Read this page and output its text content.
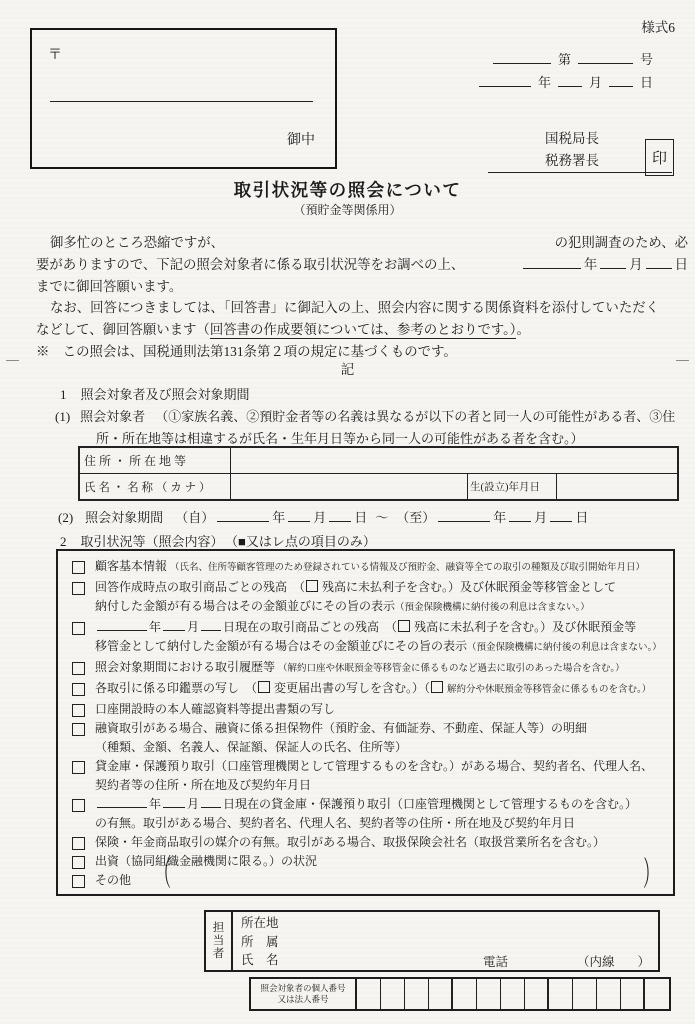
様式6
〒
御中
第	号
年	月	日
国税局長
税務署長	印
取引状況等の照会について
（預貯金等関係用）
御多忙のところ恐縮ですが、	の犯則調査のため、必
要がありますので、下記の照会対象者に係る取引状況等をお調べの上、	年 月 日
までに御回答願います。
なお、回答につきましては、「回答書」に御記入の上、照会内容に関する関係資料を添付していただく
などして、御回答願います（回答書の作成要領については、参考のとおりです。）。
※　この照会は、国税通則法第131条第２項の規定に基づくものです。
記
1 照会対象者及び照会対象期間
(1) 照会対象者 （①家族名義、②預貯金者等の名義は異なるが以下の者と同一人の可能性がある者、③住
所・所在地等は相違するが氏名・生年月日等から同一人の可能性がある者を含む。）
住 所 ・ 所 在 地 等			
氏 名 ・ 名 称 （ カ ナ ）		生(設立)年月日	
(2) 照会対象期間 （自）	年 月 日 ～ （至）	年 月 日
2 取引状況等（照会内容） （■又はレ点の項目のみ）
顧客基本情報 （氏名、住所等顧客管理のため登録されている情報及び預貯金、融資等全ての取引の種類及び取引開始年月日）
回答作成時点の取引商品ごとの残高　（ 残高に未払利子を含む。）及び休眠預金等移管金として
納付した金額が有る場合はその金額並びにその旨の表示（預金保険機構に納付後の利息は含まない。）
年 月 日現在の取引商品ごとの残高　（ 残高に未払利子を含む。）及び休眠預金等
移管金として納付した金額が有る場合はその金額並びにその旨の表示（預金保険機構に納付後の利息は含まない。）
照会対象期間における取引履歴等 （解約口座や休眠預金等移管金に係るものなど過去に取引のあった場合を含む。）
各取引に係る印鑑票の写し　（ 変更届出書の写しを含む。）（ 解約分や休眠預金等移管金に係るものを含む。）
口座開設時の本人確認資料等提出書類の写し
融資取引がある場合、融資に係る担保物件（預貯金、有価証券、不動産、保証人等）の明細
（種類、金額、名義人、保証額、保証人の氏名、住所等）
貸金庫・保護預り取引（口座管理機関として管理するものを含む。）がある場合、契約者名、代理人名、
契約者等の住所・所在地及び契約年月日
年 月 日現在の貸金庫・保護預り取引（口座管理機関として管理するものを含む。）
の有無。取引がある場合、契約者名、代理人名、契約者等の住所・所在地及び契約年月日
保険・年金商品取引の媒介の有無。取引がある場合、取扱保険会社名（取扱営業所名を含む。）
出資（協同組織金融機関に限る。）の状況
その他 （	）
担
当
者
所在地
所　属
氏　名	電話	（内線 ）
照会対象者の個人番号
又は法人番号
